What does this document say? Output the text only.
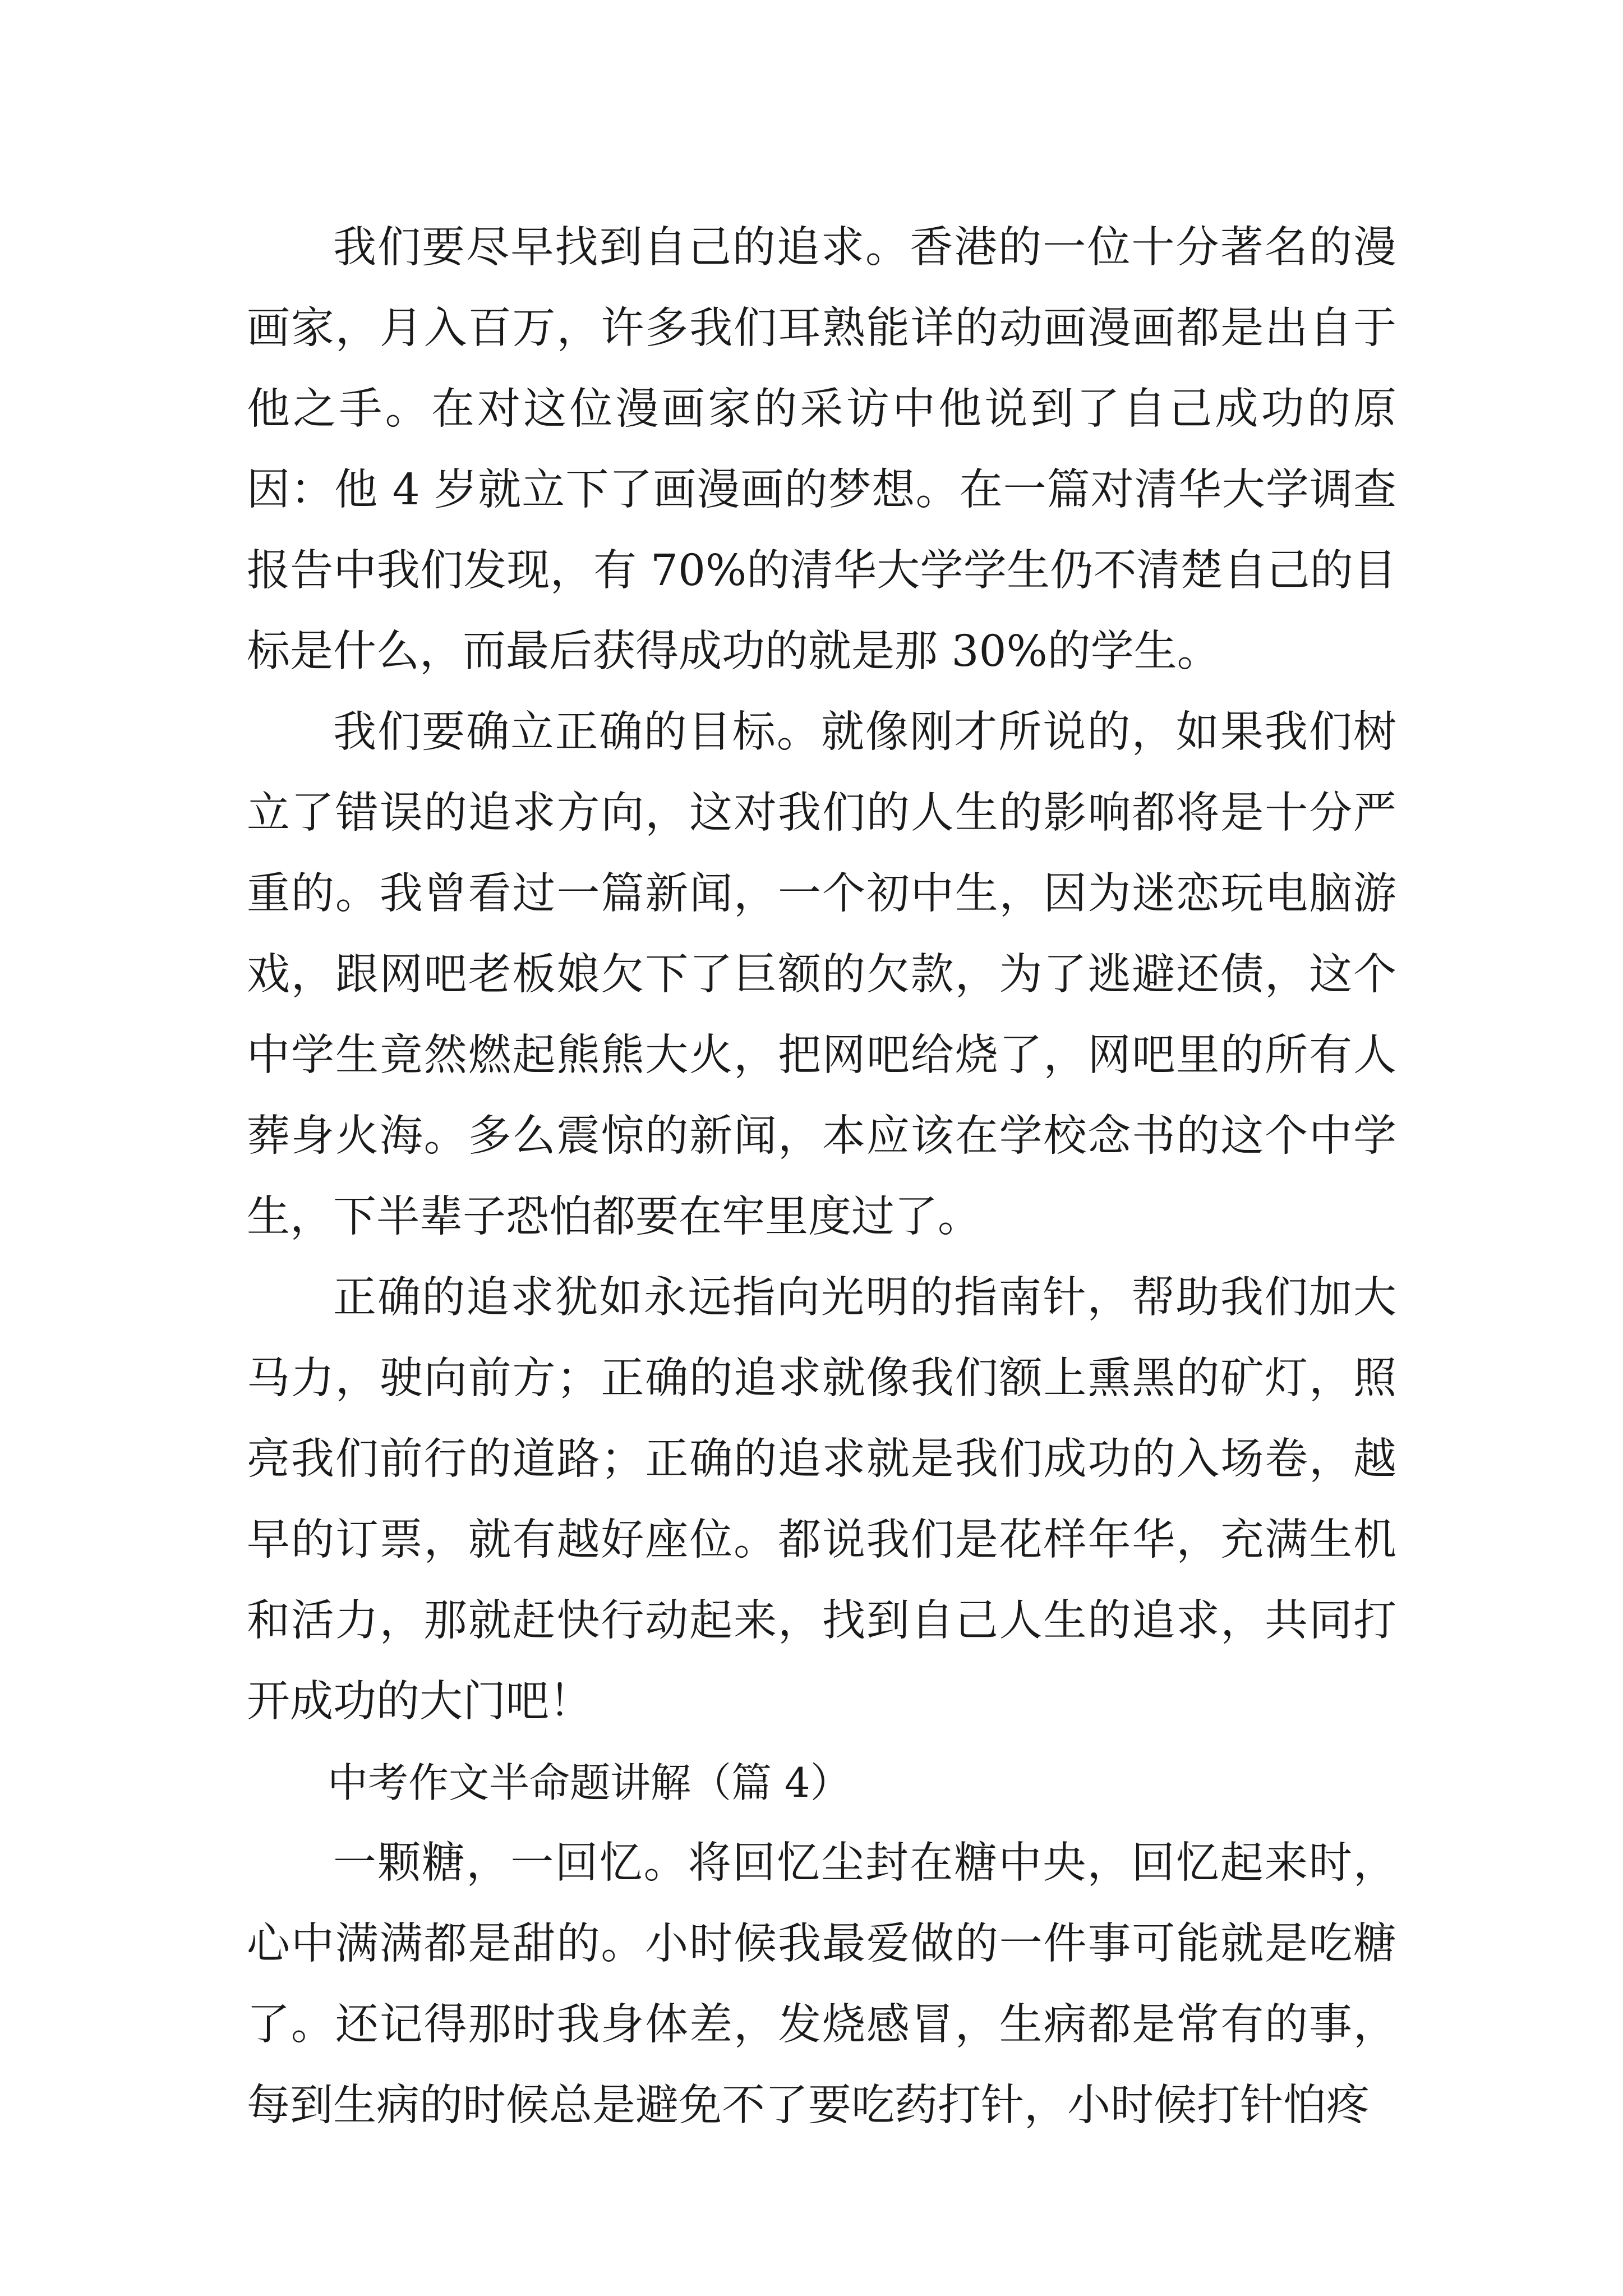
我们要尽早找到自己的追求。香港的一位十分著名的漫画家，月入百万，许多我们耳熟能详的动画漫画都是出自于他之手。在对这位漫画家的采访中他说到了自己成功的原因：他 4 岁就立下了画漫画的梦想。在一篇对清华大学调查报告中我们发现，有 70%的清华大学学生仍不清楚自己的目标是什么，而最后获得成功的就是那 30%的学生。

我们要确立正确的目标。就像刚才所说的，如果我们树立了错误的追求方向，这对我们的人生的影响都将是十分严重的。我曾看过一篇新闻，一个初中生，因为迷恋玩电脑游戏，跟网吧老板娘欠下了巨额的欠款，为了逃避还债，这个中学生竟然燃起熊熊大火，把网吧给烧了，网吧里的所有人葬身火海。多么震惊的新闻，本应该在学校念书的这个中学生，下半辈子恐怕都要在牢里度过了。

正确的追求犹如永远指向光明的指南针，帮助我们加大马力，驶向前方；正确的追求就像我们额上熏黑的矿灯，照亮我们前行的道路；正确的追求就是我们成功的入场卷，越早的订票，就有越好座位。都说我们是花样年华，充满生机和活力，那就赶快行动起来，找到自己人生的追求，共同打开成功的大门吧！

中考作文半命题讲解（篇 4）

一颗糖，一回忆。将回忆尘封在糖中央，回忆起来时，心中满满都是甜的。小时候我最爱做的一件事可能就是吃糖了。还记得那时我身体差，发烧感冒，生病都是常有的事，每到生病的时候总是避免不了要吃药打针，小时候打针怕疼
